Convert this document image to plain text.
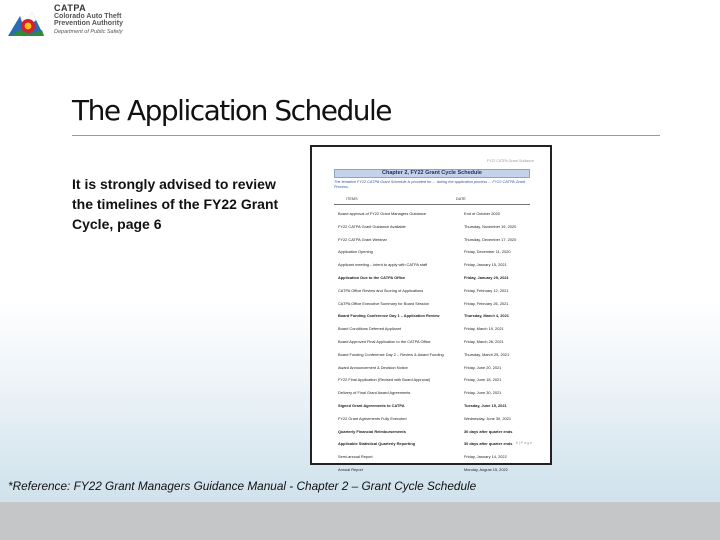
CATPA
Colorado Auto Theft
Prevention Authority
Department of Public Safety
The Application Schedule
It is strongly advised to review the timelines of the FY22 Grant Cycle, page 6
FY22 CATPA Grant Guidance
Chapter 2, FY22 Grant Cycle Schedule
The tentative FY22 CATPA Grant Schedule is provided for ... during the application process ... FY22 CATPA Grant Process.
ITEMS	DATE
Board approval of FY22 Grant Managers Guidance	End of October 2020
FY22 CATPA Grant Guidance Available	Thursday, November 19, 2020
FY22 CATPA Grant Webinar	Thursday, December 17, 2020
Application Opening	Friday, December 11, 2020
Applicant meeting – intent to apply with CATPA staff	Friday, January 15, 2021
Application Due to the CATPA Office	Friday, January 29, 2021
CATPA Office Review and Scoring of Applications	Friday, February 12, 2021
CATPA Office Executive Summary for Board Session	Friday, February 26, 2021
Board Funding Conference Day 1 – Application Review	Thursday, March 4, 2021
Board Conditions Deferred Applicant	Friday, March 19, 2021
Board Approved Final Application to the CATPA Office	Friday, March 26, 2021
Board Funding Conference Day 2 – Review & Award Funding	Thursday, March 25, 2021
Award Announcement & Decision Notice	Friday, June 20, 2021
FY22 Final Application (Revised with Board Approval)	Friday, June 18, 2021
Delivery of Final Grant Award Agreements	Friday, June 30, 2021
Signed Grant Agreements to CATPA	Tuesday, June 15, 2021
FY22 Grant Agreements Fully Executed	Wednesday, June 30, 2021
Quarterly Financial Reimbursements	30 days after quarter ends
Applicable Statistical Quarterly Reporting	30 days after quarter ends
Semi-annual Report	Friday, January 14, 2022
Annual Report	Monday, August 15, 2022
6 | P a g e
*Reference: FY22 Grant Managers Guidance Manual - Chapter 2 – Grant Cycle Schedule
